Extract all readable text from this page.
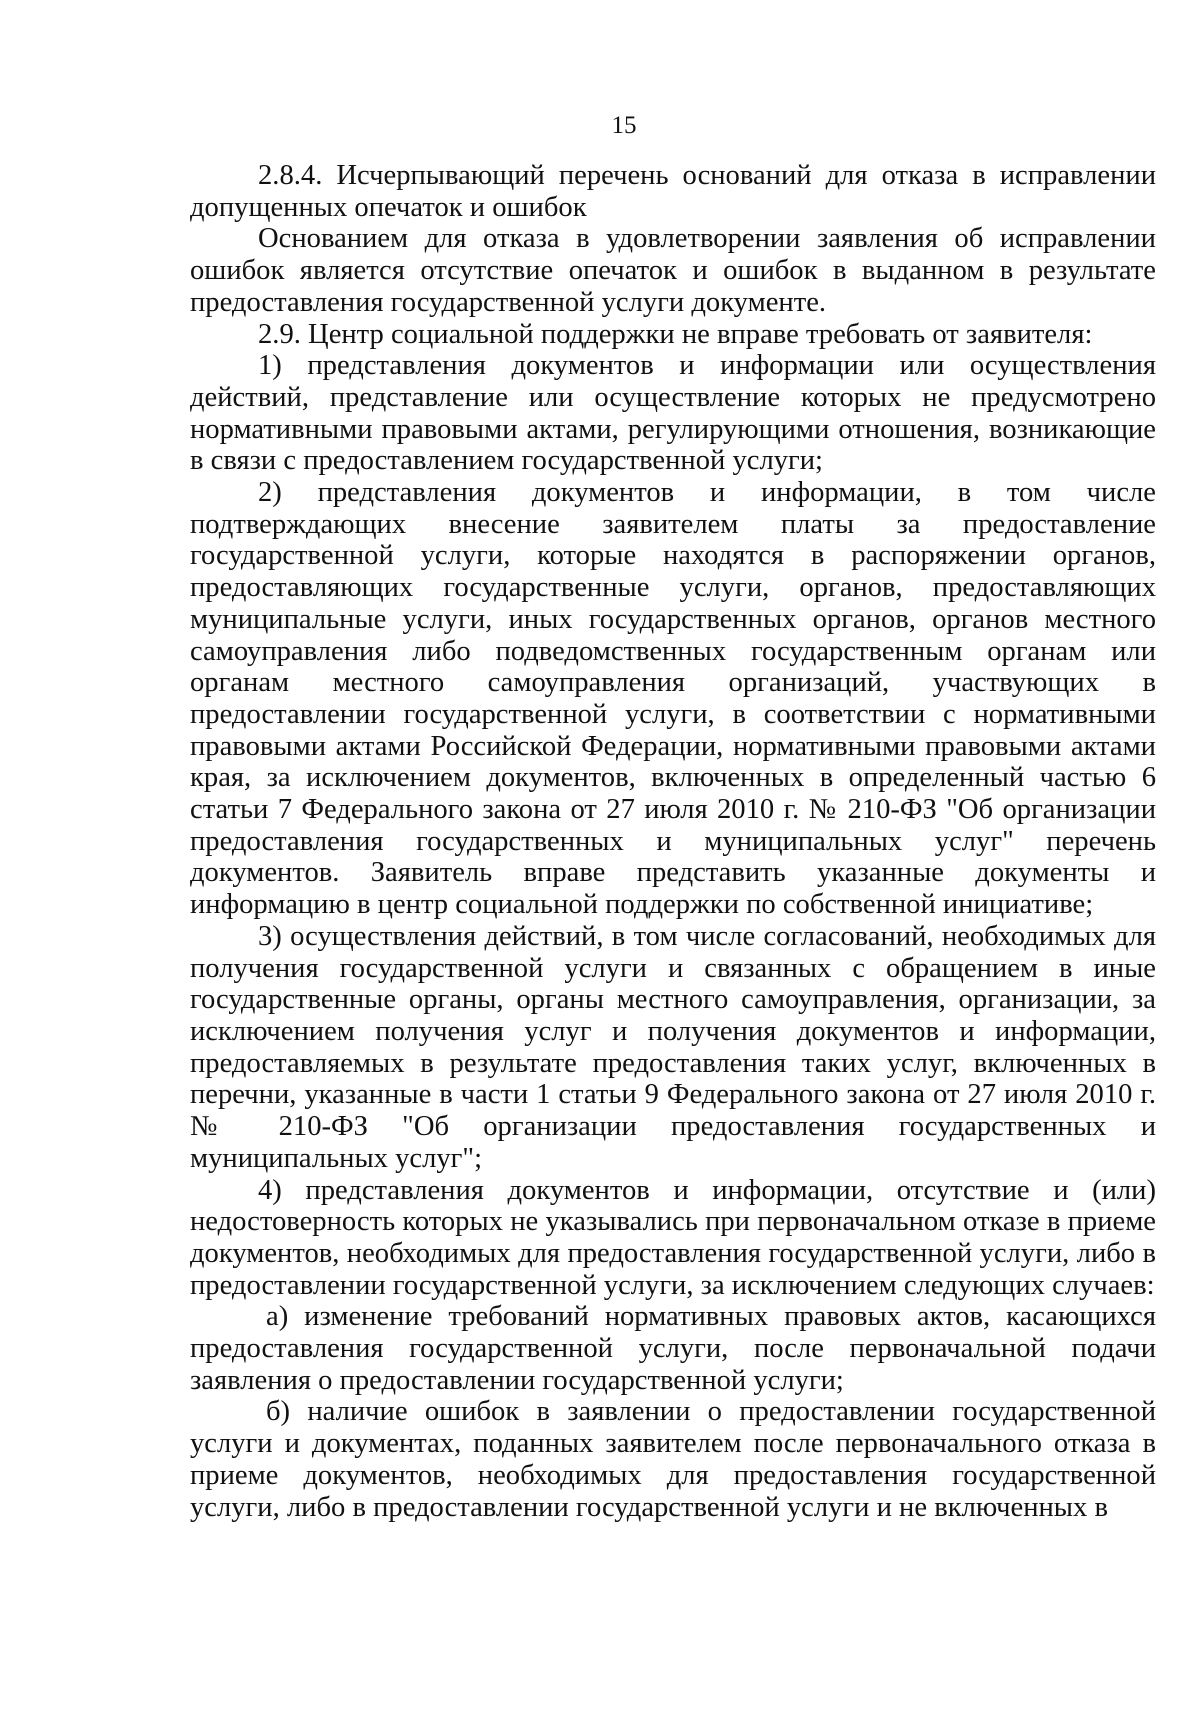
15

2.8.4. Исчерпывающий перечень оснований для отказа в исправлении допущенных опечаток и ошибок

Основанием для отказа в удовлетворении заявления об исправлении ошибок является отсутствие опечаток и ошибок в выданном в результате предоставления государственной услуги документе.

2.9. Центр социальной поддержки не вправе требовать от заявителя:

1) представления документов и информации или осуществления действий, представление или осуществление которых не предусмотрено нормативными правовыми актами, регулирующими отношения, возникающие в связи с предоставлением государственной услуги;

2) представления документов и информации, в том числе подтверждающих внесение заявителем платы за предоставление государственной услуги, которые находятся в распоряжении органов, предоставляющих государственные услуги, органов, предоставляющих муниципальные услуги, иных государственных органов, органов местного самоуправления либо подведомственных государственным органам или органам местного самоуправления организаций, участвующих в предоставлении государственной услуги, в соответствии с нормативными правовыми актами Российской Федерации, нормативными правовыми актами края, за исключением документов, включенных в определенный частью 6 статьи 7 Федерального закона от 27 июля 2010 г. № 210-ФЗ "Об организации предоставления государственных и муниципальных услуг" перечень документов. Заявитель вправе представить указанные документы и информацию в центр социальной поддержки по собственной инициативе;

3) осуществления действий, в том числе согласований, необходимых для получения государственной услуги и связанных с обращением в иные государственные органы, органы местного самоуправления, организации, за исключением получения услуг и получения документов и информации, предоставляемых в результате предоставления таких услуг, включенных в перечни, указанные в части 1 статьи 9 Федерального закона от 27 июля 2010 г. № 210-ФЗ "Об организации предоставления государственных и муниципальных услуг";

4) представления документов и информации, отсутствие и (или) недостоверность которых не указывались при первоначальном отказе в приеме документов, необходимых для предоставления государственной услуги, либо в предоставлении государственной услуги, за исключением следующих случаев:

а) изменение требований нормативных правовых актов, касающихся предоставления государственной услуги, после первоначальной подачи заявления о предоставлении государственной услуги;

б) наличие ошибок в заявлении о предоставлении государственной услуги и документах, поданных заявителем после первоначального отказа в приеме документов, необходимых для предоставления государственной услуги, либо в предоставлении государственной услуги и не включенных в
